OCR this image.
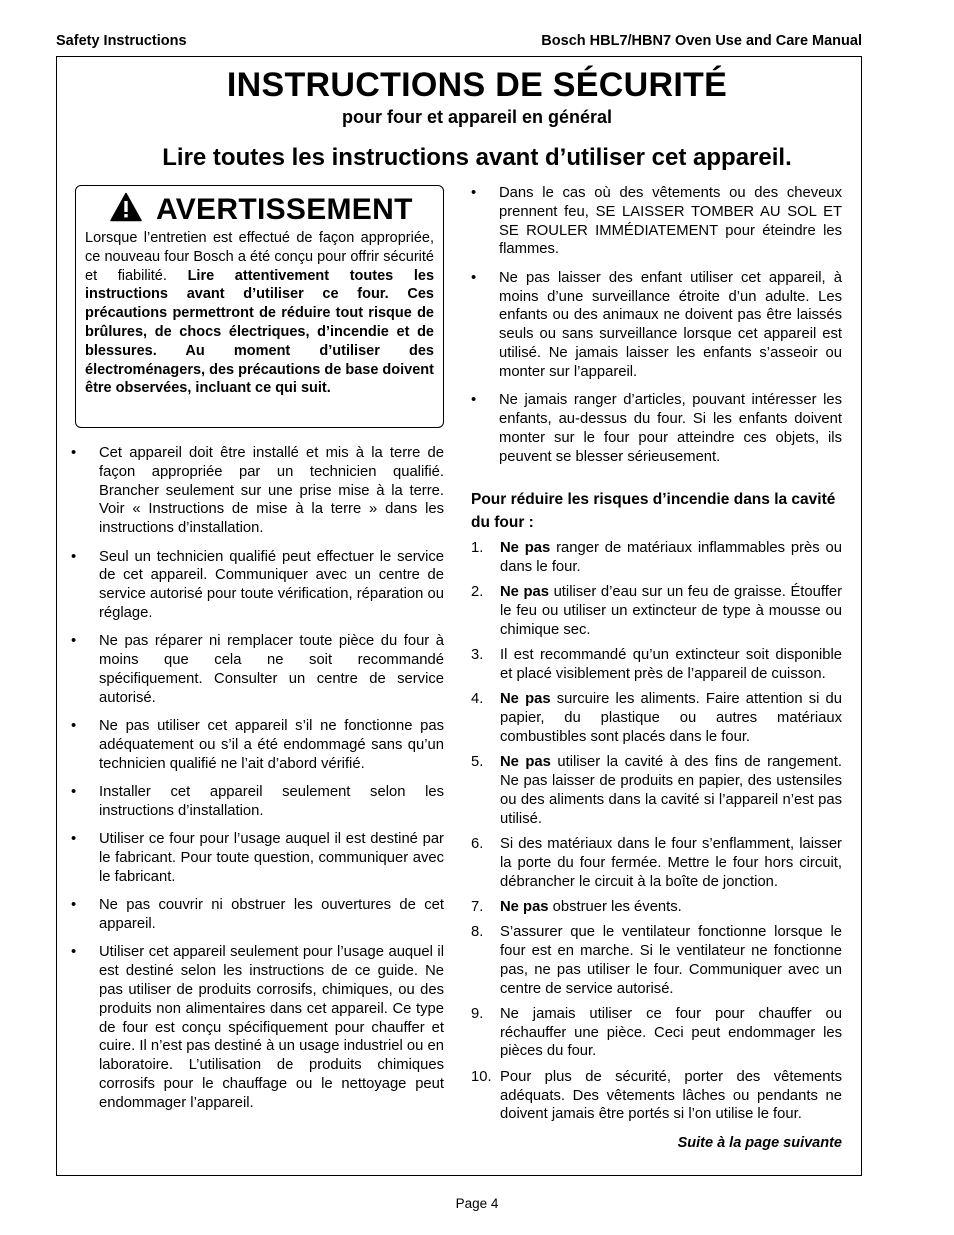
Safety Instructions	Bosch HBL7/HBN7 Oven Use and Care Manual
INSTRUCTIONS DE SÉCURITÉ
pour four et appareil en général
Lire toutes les instructions avant d’utiliser cet appareil.
AVERTISSEMENT
Lorsque l’entretien est effectué de façon appropriée, ce nouveau four Bosch a été conçu pour offrir sécurité et fiabilité. Lire attentivement toutes les instructions avant d’utiliser ce four. Ces précautions permettront de réduire tout risque de brûlures, de chocs électriques, d’incendie et de blessures. Au moment d’utiliser des électroménagers, des précautions de base doivent être observées, incluant ce qui suit.
•	Cet appareil doit être installé et mis à la terre de façon appropriée par un technicien qualifié. Brancher seulement sur une prise mise à la terre. Voir « Instructions de mise à la terre » dans les instructions d’installation.
•	Seul un technicien qualifié peut effectuer le service de cet appareil. Communiquer avec un centre de service autorisé pour toute vérification, réparation ou réglage.
•	Ne pas réparer ni remplacer toute pièce du four à moins que cela ne soit recommandé spécifiquement. Consulter un centre de service autorisé.
•	Ne pas utiliser cet appareil s’il ne fonctionne pas adéquatement ou s’il a été endommagé sans qu’un technicien qualifié ne l’ait d’abord vérifié.
•	Installer cet appareil seulement selon les instructions d’installation.
•	Utiliser ce four pour l’usage auquel il est destiné par le fabricant. Pour toute question, communiquer avec le fabricant.
•	Ne pas couvrir ni obstruer les ouvertures de cet appareil.
•	Utiliser cet appareil seulement pour l’usage auquel il est destiné selon les instructions de ce guide. Ne pas utiliser de produits corrosifs, chimiques, ou des produits non alimentaires dans cet appareil. Ce type de four est conçu spécifiquement pour chauffer et cuire. Il n’est pas destiné à un usage industriel ou en laboratoire. L’utilisation de produits chimiques corrosifs pour le chauffage ou le nettoyage peut endommager l’appareil.
•	Dans le cas où des vêtements ou des cheveux prennent feu, SE LAISSER TOMBER AU SOL ET SE ROULER IMMÉDIATEMENT pour éteindre les flammes.
•	Ne pas laisser des enfant utiliser cet appareil, à moins d’une surveillance étroite d’un adulte. Les enfants ou des animaux ne doivent pas être laissés seuls ou sans surveillance lorsque cet appareil est utilisé. Ne jamais laisser les enfants s’asseoir ou monter sur l’appareil.
•	Ne jamais ranger d’articles, pouvant intéresser les enfants, au-dessus du four. Si les enfants doivent monter sur le four pour atteindre ces objets, ils peuvent se blesser sérieusement.
Pour réduire les risques d’incendie dans la cavité du four :
1.	Ne pas ranger de matériaux inflammables près ou dans le four.
2.	Ne pas utiliser d’eau sur un feu de graisse. Étouffer le feu ou utiliser un extincteur de type à mousse ou chimique sec.
3.	Il est recommandé qu’un extincteur soit disponible et placé visiblement près de l’appareil de cuisson.
4.	Ne pas surcuire les aliments. Faire attention si du papier, du plastique ou autres matériaux combustibles sont placés dans le four.
5.	Ne pas utiliser la cavité à des fins de rangement. Ne pas laisser de produits en papier, des ustensiles ou des aliments dans la cavité si l’appareil n’est pas utilisé.
6.	Si des matériaux dans le four s’enflamment, laisser la porte du four fermée. Mettre le four hors circuit, débrancher le circuit à la boîte de jonction.
7.	Ne pas obstruer les évents.
8.	S’assurer que le ventilateur fonctionne lorsque le four est en marche. Si le ventilateur ne fonctionne pas, ne pas utiliser le four. Communiquer avec un centre de service autorisé.
9.	Ne jamais utiliser ce four pour chauffer ou réchauffer une pièce. Ceci peut endommager les pièces du four.
10. Pour plus de sécurité, porter des vêtements adéquats. Des vêtements lâches ou pendants ne doivent jamais être portés si l’on utilise le four.
Suite à la page suivante
Page 4
